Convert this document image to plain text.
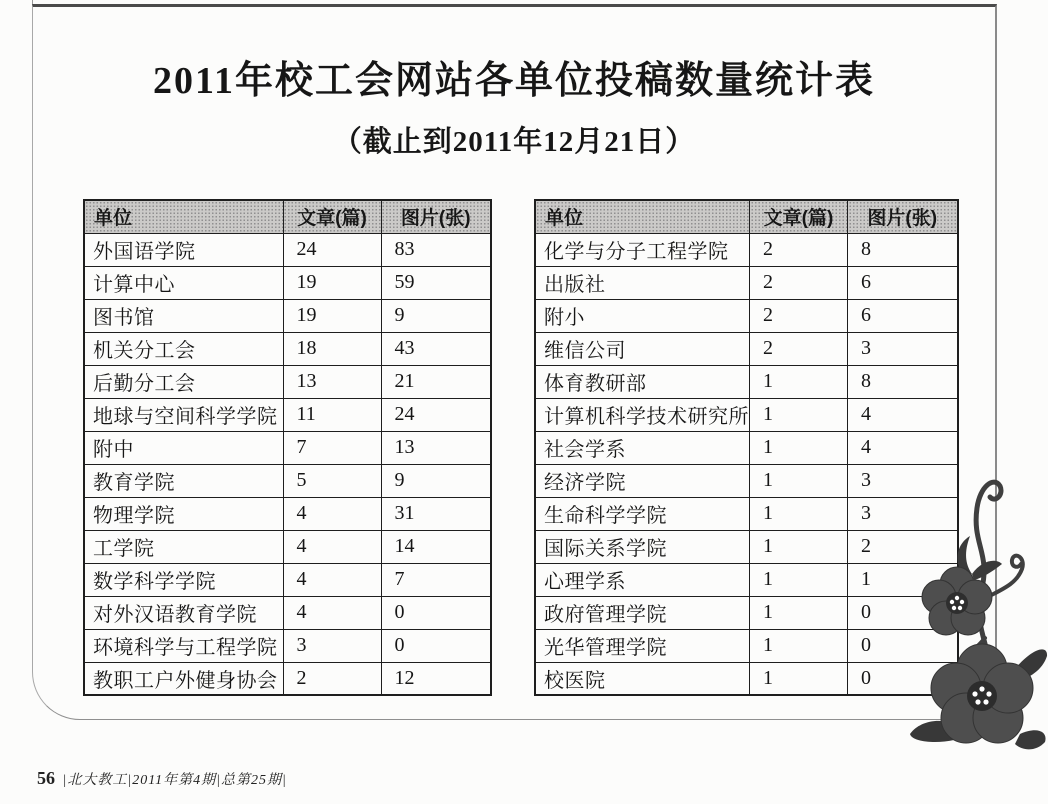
2011年校工会网站各单位投稿数量统计表
（截止到2011年12月21日）
单位	文章(篇)	图片(张)
外国语学院	24	83
计算中心	19	59
图书馆	19	9
机关分工会	18	43
后勤分工会	13	21
地球与空间科学学院	11	24
附中	7	13
教育学院	5	9
物理学院	4	31
工学院	4	14
数学科学学院	4	7
对外汉语教育学院	4	0
环境科学与工程学院	3	0
教职工户外健身协会	2	12
单位	文章(篇)	图片(张)
化学与分子工程学院	2	8
出版社	2	6
附小	2	6
维信公司	2	3
体育教研部	1	8
计算机科学技术研究所	1	4
社会学系	1	4
经济学院	1	3
生命科学学院	1	3
国际关系学院	1	2
心理学系	1	1
政府管理学院	1	0
光华管理学院	1	0
校医院	1	0
56 |北大教工|2011年第4期|总第25期|
